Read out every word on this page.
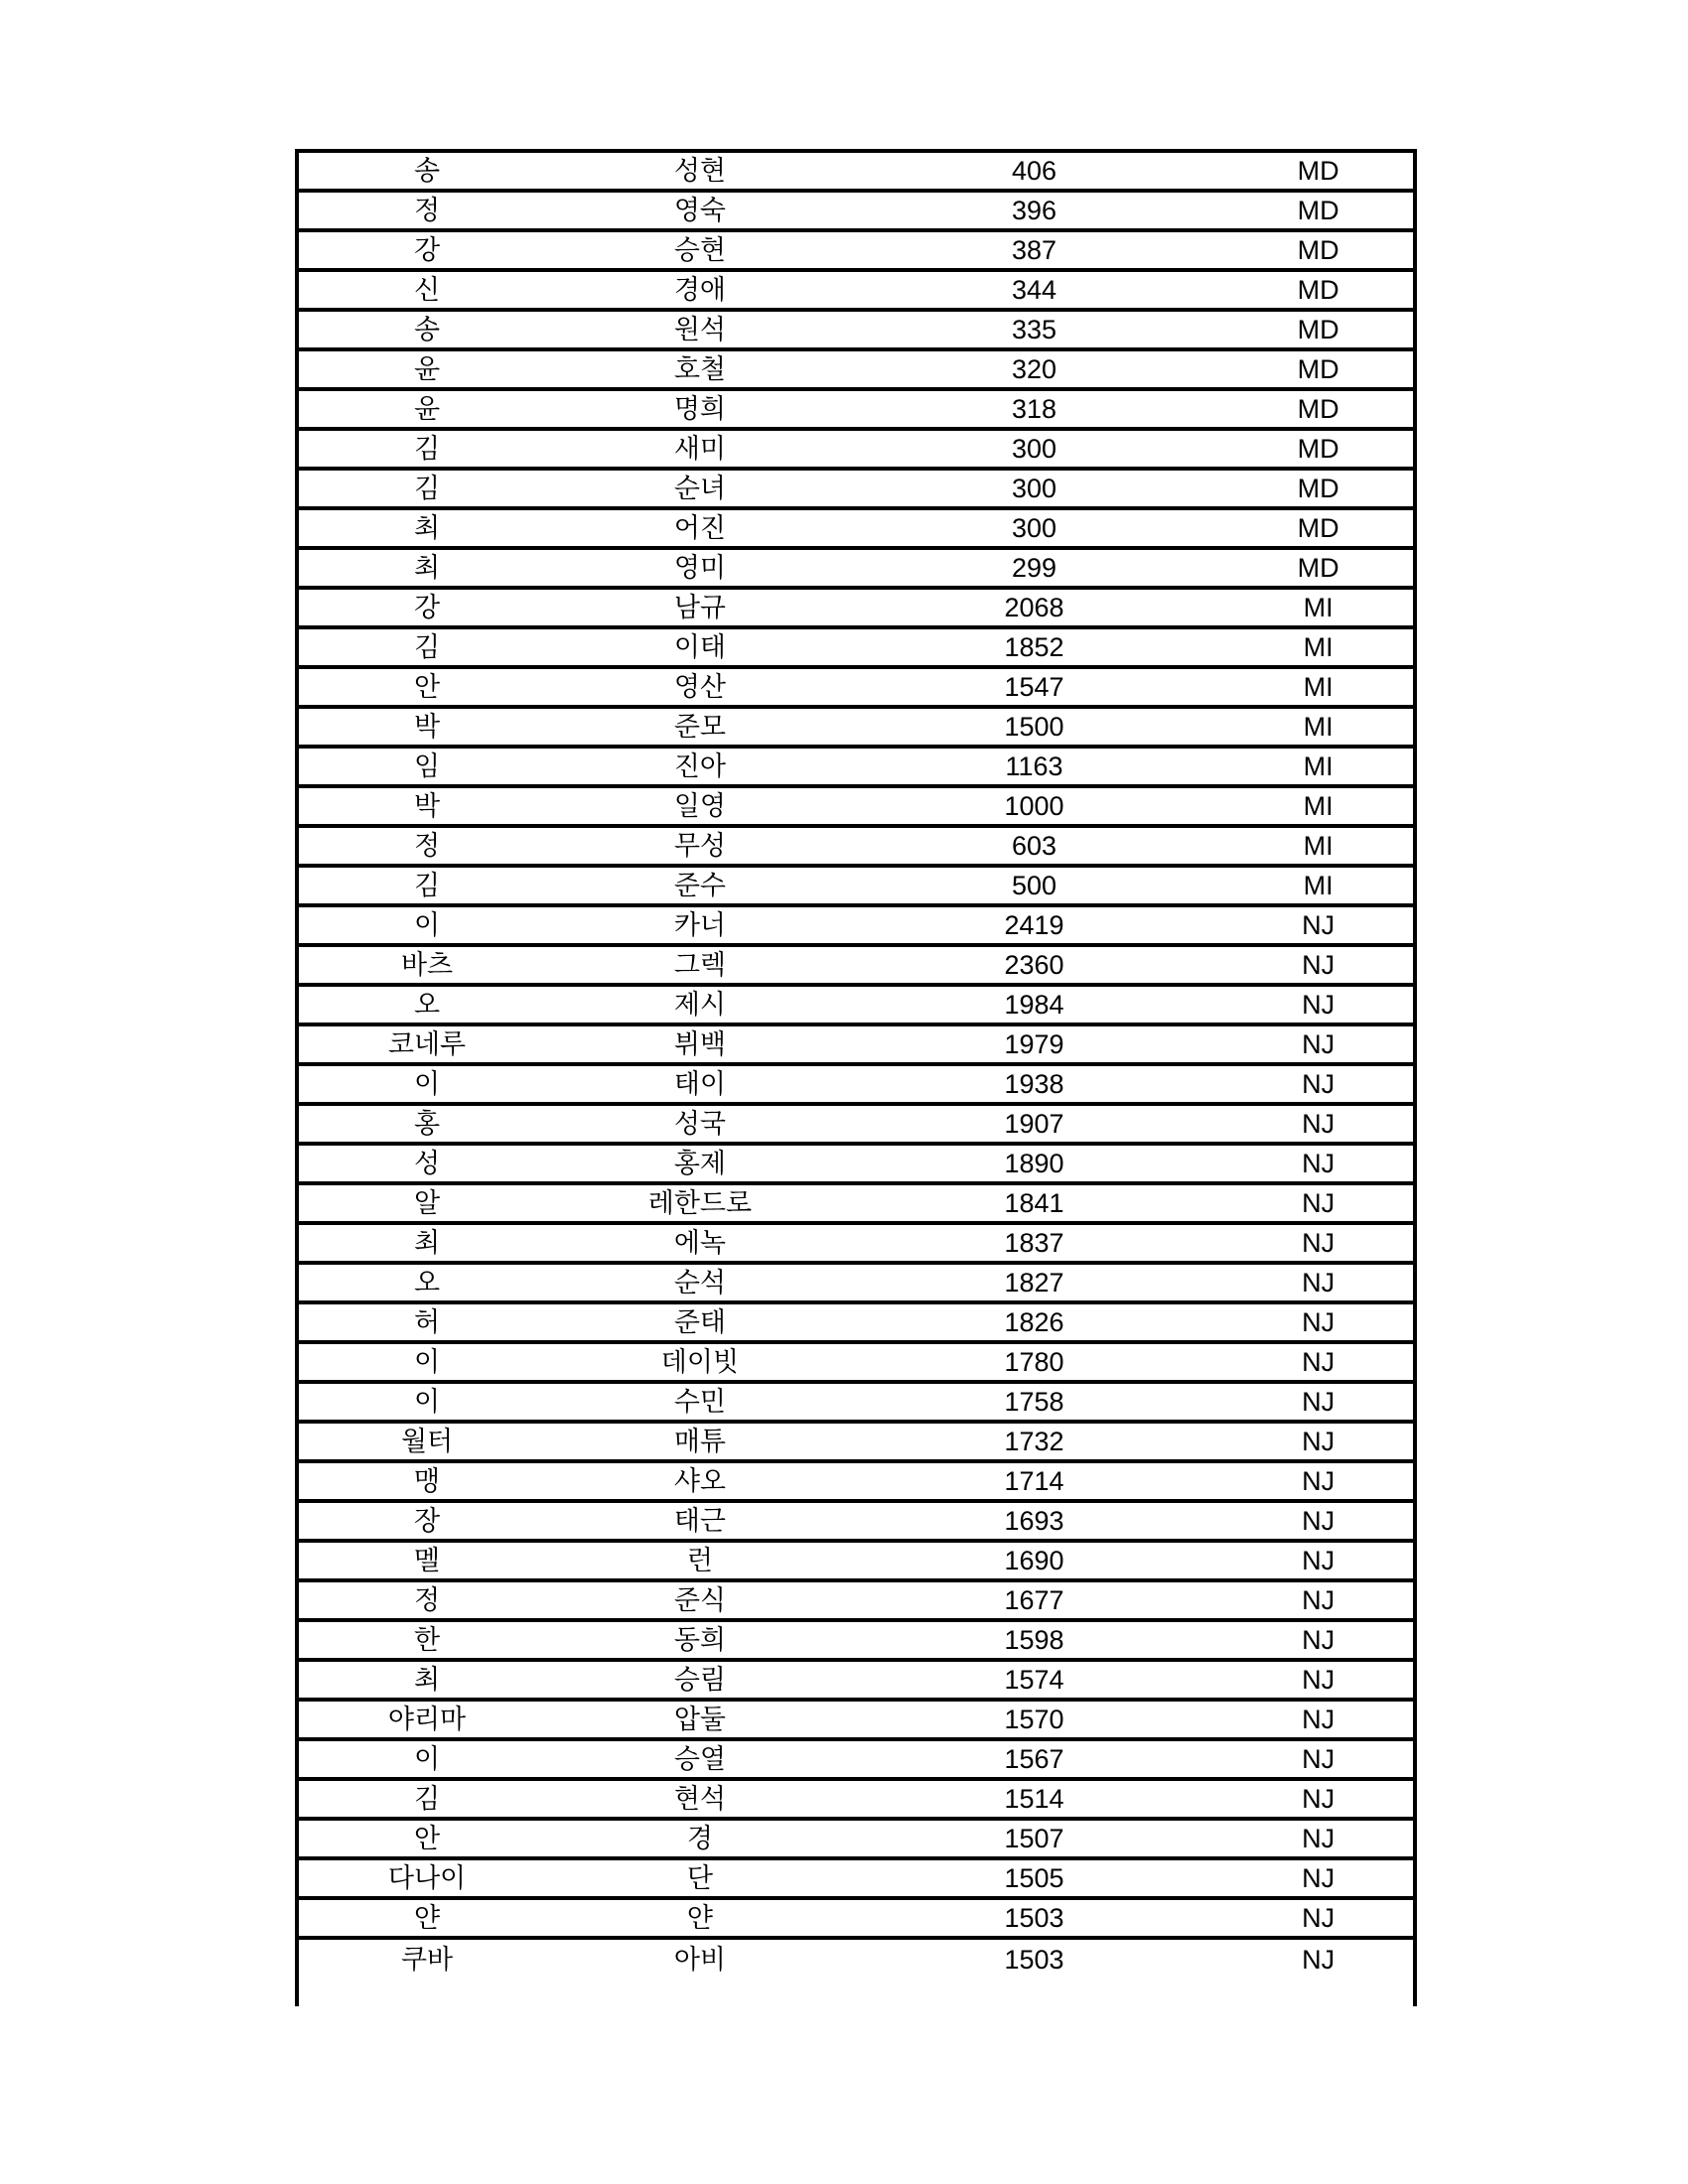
송	성현	406	MD
정	영숙	396	MD
강	승현	387	MD
신	경애	344	MD
송	원석	335	MD
윤	호철	320	MD
윤	명희	318	MD
김	새미	300	MD
김	순녀	300	MD
최	어진	300	MD
최	영미	299	MD
강	남규	2068	MI
김	이태	1852	MI
안	영산	1547	MI
박	준모	1500	MI
임	진아	1163	MI
박	일영	1000	MI
정	무성	603	MI
김	준수	500	MI
이	카너	2419	NJ
바츠	그렉	2360	NJ
오	제시	1984	NJ
코네루	뷔백	1979	NJ
이	태이	1938	NJ
홍	성국	1907	NJ
성	홍제	1890	NJ
알	레한드로	1841	NJ
최	에녹	1837	NJ
오	순석	1827	NJ
허	준태	1826	NJ
이	데이빗	1780	NJ
이	수민	1758	NJ
월터	매튜	1732	NJ
맹	샤오	1714	NJ
장	태근	1693	NJ
멜	런	1690	NJ
정	준식	1677	NJ
한	동희	1598	NJ
최	승림	1574	NJ
야리마	압둘	1570	NJ
이	승열	1567	NJ
김	현석	1514	NJ
안	경	1507	NJ
다나이	단	1505	NJ
얀	얀	1503	NJ
쿠바	아비	1503	NJ
